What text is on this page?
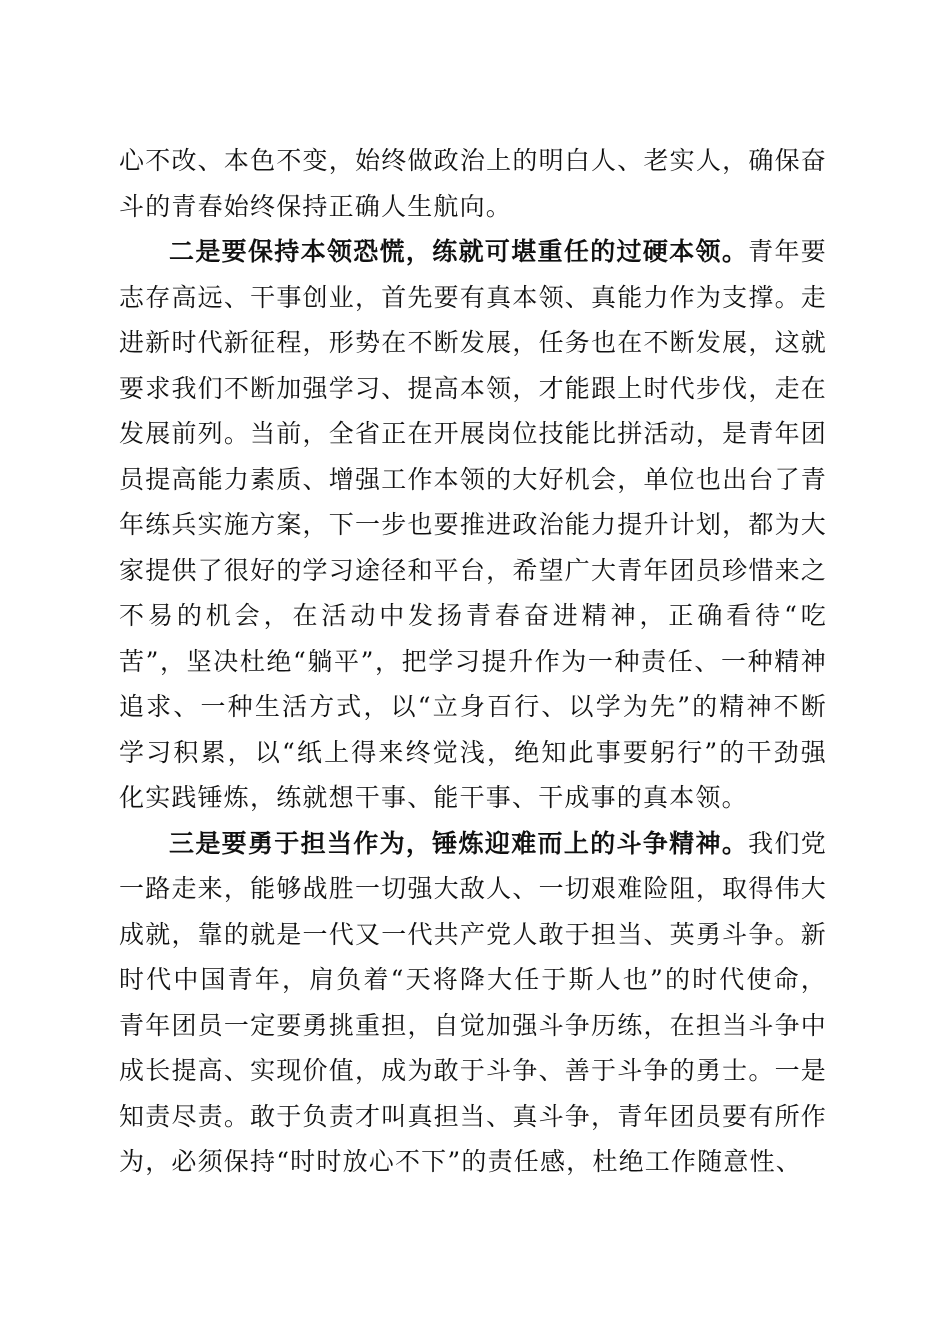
心不改、本色不变，始终做政治上的明白人、老实人，确保奋斗的青春始终保持正确人生航向。

二是要保持本领恐慌，练就可堪重任的过硬本领。青年要志存高远、干事创业，首先要有真本领、真能力作为支撑。走进新时代新征程，形势在不断发展，任务也在不断发展，这就要求我们不断加强学习、提高本领，才能跟上时代步伐，走在发展前列。当前，全省正在开展岗位技能比拼活动，是青年团员提高能力素质、增强工作本领的大好机会，单位也出台了青年练兵实施方案，下一步也要推进政治能力提升计划，都为大家提供了很好的学习途径和平台，希望广大青年团员珍惜来之不易的机会，在活动中发扬青春奋进精神，正确看待“吃苦”，坚决杜绝“躺平”，把学习提升作为一种责任、一种精神追求、一种生活方式，以“立身百行、以学为先”的精神不断学习积累，以“纸上得来终觉浅，绝知此事要躬行”的干劲强化实践锤炼，练就想干事、能干事、干成事的真本领。

三是要勇于担当作为，锤炼迎难而上的斗争精神。我们党一路走来，能够战胜一切强大敌人、一切艰难险阻，取得伟大成就，靠的就是一代又一代共产党人敢于担当、英勇斗争。新时代中国青年，肩负着“天将降大任于斯人也”的时代使命，青年团员一定要勇挑重担，自觉加强斗争历练，在担当斗争中成长提高、实现价值，成为敢于斗争、善于斗争的勇士。一是知责尽责。敢于负责才叫真担当、真斗争，青年团员要有所作为，必须保持“时时放心不下”的责任感，杜绝工作随意性、
